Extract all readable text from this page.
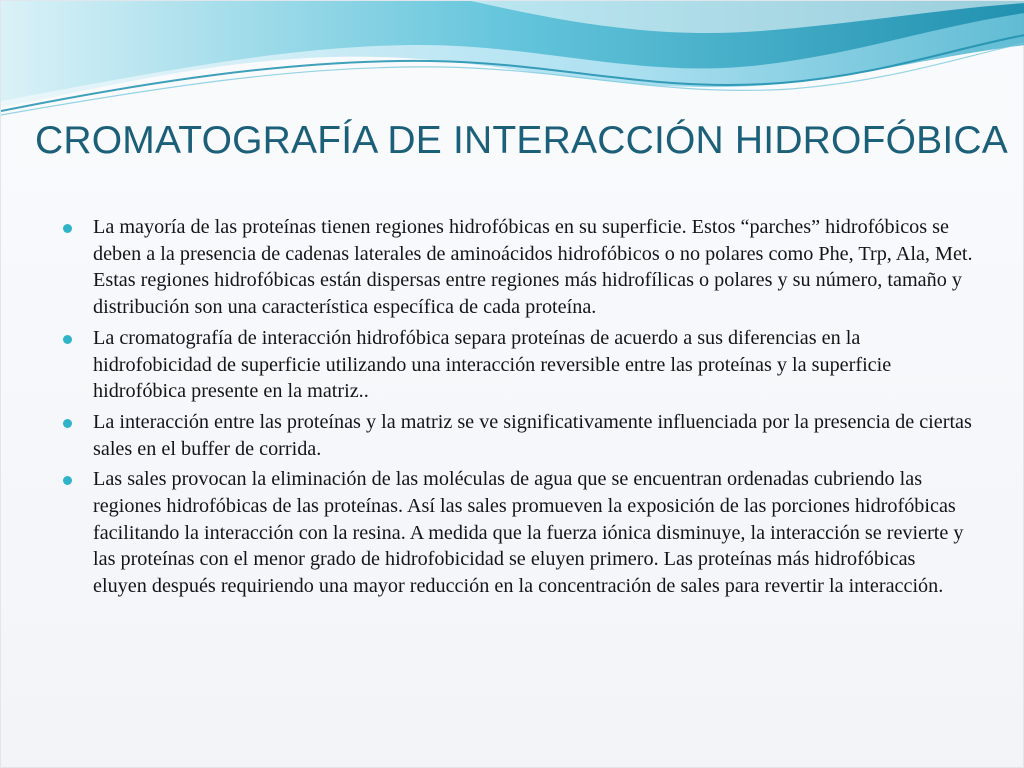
CROMATOGRAFÍA DE INTERACCIÓN HIDROFÓBICA
La mayoría de las proteínas tienen regiones hidrofóbicas en su superficie. Estos “parches” hidrofóbicos se deben a la presencia de cadenas laterales de aminoácidos hidrofóbicos o no polares como Phe, Trp, Ala, Met. Estas regiones hidrofóbicas están dispersas entre regiones más hidrofílicas o polares y su número, tamaño y distribución son una característica específica de cada proteína.
La cromatografía de interacción hidrofóbica separa proteínas de acuerdo a sus diferencias en la hidrofobicidad de superficie utilizando una interacción reversible entre las proteínas y la superficie hidrofóbica presente en la matriz..
La interacción entre las proteínas y la matriz se ve significativamente influenciada por la presencia de ciertas sales en el buffer de corrida.
Las sales provocan la eliminación de las moléculas de agua que se encuentran ordenadas cubriendo las regiones hidrofóbicas de las proteínas. Así las sales promueven la exposición de las porciones hidrofóbicas facilitando la interacción con la resina. A medida que la fuerza iónica disminuye, la interacción se revierte y las proteínas con el menor grado de hidrofobicidad se eluyen primero. Las proteínas más hidrofóbicas eluyen después requiriendo una mayor reducción en la concentración de sales para revertir la interacción.
